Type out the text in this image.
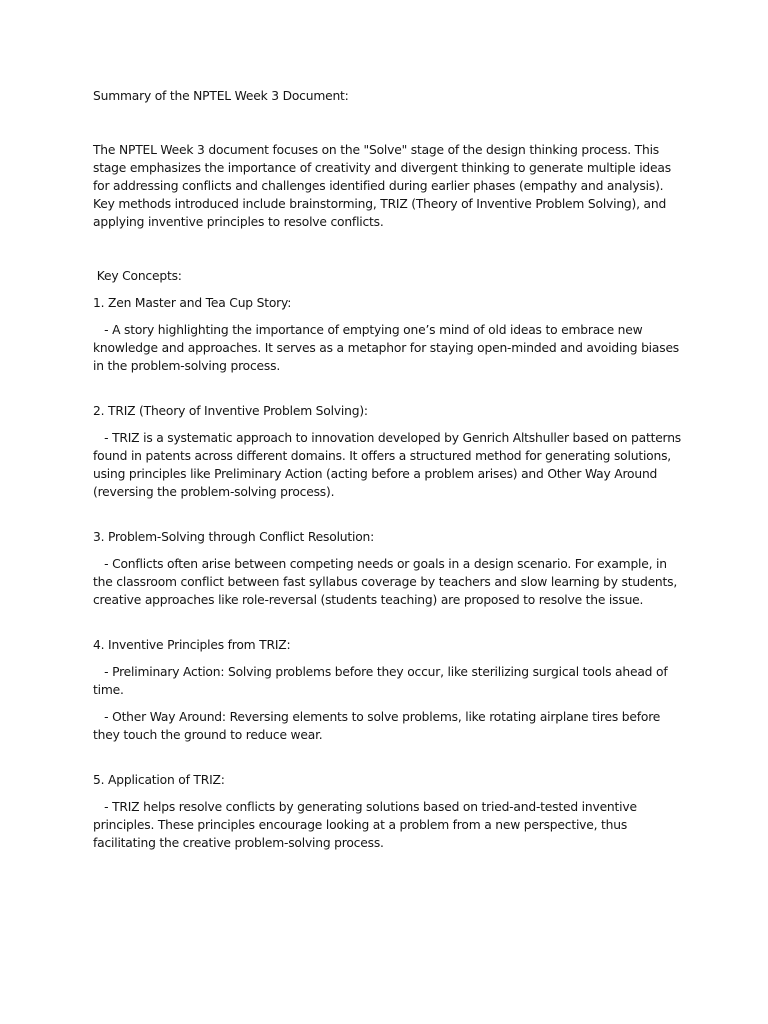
Summary of the NPTEL Week 3 Document:

The NPTEL Week 3 document focuses on the "Solve" stage of the design thinking process. This stage emphasizes the importance of creativity and divergent thinking to generate multiple ideas for addressing conflicts and challenges identified during earlier phases (empathy and analysis). Key methods introduced include brainstorming, TRIZ (Theory of Inventive Problem Solving), and applying inventive principles to resolve conflicts.

Key Concepts:

1. Zen Master and Tea Cup Story:

- A story highlighting the importance of emptying one’s mind of old ideas to embrace new knowledge and approaches. It serves as a metaphor for staying open-minded and avoiding biases in the problem-solving process.

2. TRIZ (Theory of Inventive Problem Solving):

- TRIZ is a systematic approach to innovation developed by Genrich Altshuller based on patterns found in patents across different domains. It offers a structured method for generating solutions, using principles like Preliminary Action (acting before a problem arises) and Other Way Around (reversing the problem-solving process).

3. Problem-Solving through Conflict Resolution:

- Conflicts often arise between competing needs or goals in a design scenario. For example, in the classroom conflict between fast syllabus coverage by teachers and slow learning by students, creative approaches like role-reversal (students teaching) are proposed to resolve the issue.

4. Inventive Principles from TRIZ:

- Preliminary Action: Solving problems before they occur, like sterilizing surgical tools ahead of time.

- Other Way Around: Reversing elements to solve problems, like rotating airplane tires before they touch the ground to reduce wear.

5. Application of TRIZ:

- TRIZ helps resolve conflicts by generating solutions based on tried-and-tested inventive principles. These principles encourage looking at a problem from a new perspective, thus facilitating the creative problem-solving process.
